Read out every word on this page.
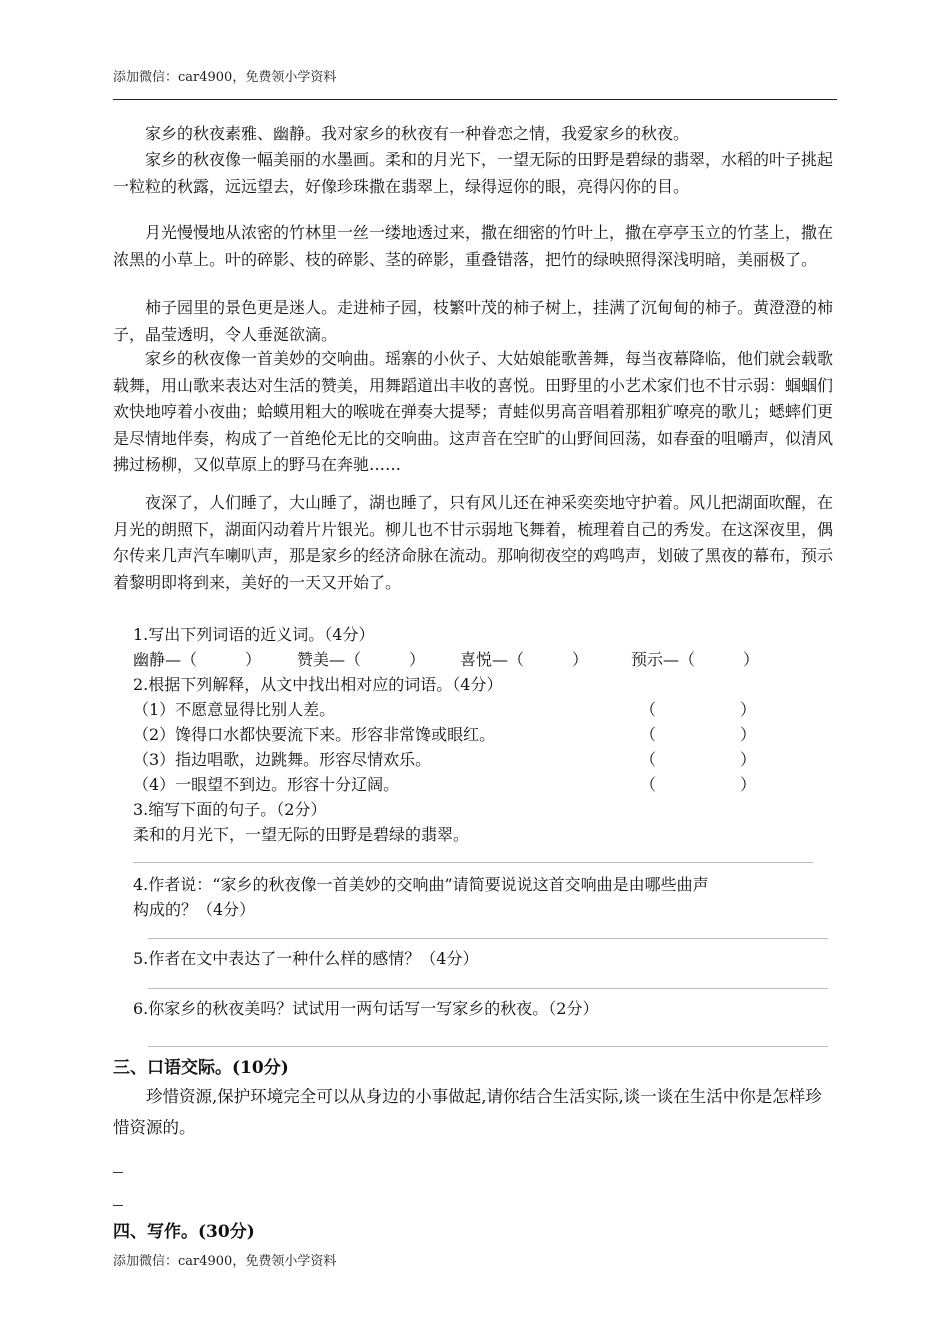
添加微信：car4900，免费领小学资料

家乡的秋夜素雅、幽静。我对家乡的秋夜有一种眷恋之情，我爱家乡的秋夜。

家乡的秋夜像一幅美丽的水墨画。柔和的月光下，一望无际的田野是碧绿的翡翠，水稻的叶子挑起一粒粒的秋露，远远望去，好像珍珠撒在翡翠上，绿得逗你的眼，亮得闪你的目。

月光慢慢地从浓密的竹林里一丝一缕地透过来，撒在细密的竹叶上，撒在亭亭玉立的竹茎上，撒在浓黑的小草上。叶的碎影、枝的碎影、茎的碎影，重叠错落，把竹的绿映照得深浅明暗，美丽极了。

柿子园里的景色更是迷人。走进柿子园，枝繁叶茂的柿子树上，挂满了沉甸甸的柿子。黄澄澄的柿子，晶莹透明，令人垂涎欲滴。

家乡的秋夜像一首美妙的交响曲。瑶寨的小伙子、大姑娘能歌善舞，每当夜幕降临，他们就会载歌载舞，用山歌来表达对生活的赞美，用舞蹈道出丰收的喜悦。田野里的小艺术家们也不甘示弱：蝈蝈们欢快地哼着小夜曲；蛤蟆用粗大的喉咙在弹奏大提琴；青蛙似男高音唱着那粗犷嘹亮的歌儿；蟋蟀们更是尽情地伴奏，构成了一首绝伦无比的交响曲。这声音在空旷的山野间回荡，如春蚕的咀嚼声，似清风拂过杨柳，又似草原上的野马在奔驰……

夜深了，人们睡了，大山睡了，湖也睡了，只有风儿还在神采奕奕地守护着。风儿把湖面吹醒，在月光的朗照下，湖面闪动着片片银光。柳儿也不甘示弱地飞舞着，梳理着自己的秀发。在这深夜里，偶尔传来几声汽车喇叭声，那是家乡的经济命脉在流动。那响彻夜空的鸡鸣声，划破了黑夜的幕布，预示着黎明即将到来，美好的一天又开始了。

1.写出下列词语的近义词。（4分）
幽静—（	） 赞美—（	） 喜悦—（	）	预示—（	）
2.根据下列解释，从文中找出相对应的词语。（4分）
（1）不愿意显得比别人差。	（	）
（2）馋得口水都快要流下来。形容非常馋或眼红。	（	）
（3）指边唱歌，边跳舞。形容尽情欢乐。	（	）
（4）一眼望不到边。形容十分辽阔。	（	）
3.缩写下面的句子。（2分）
柔和的月光下，一望无际的田野是碧绿的翡翠。
4.作者说：“家乡的秋夜像一首美妙的交响曲”请简要说说这首交响曲是由哪些曲声
构成的？（4分）
5.作者在文中表达了一种什么样的感情？（4分）
6.你家乡的秋夜美吗？试试用一两句话写一写家乡的秋夜。（2分）
三、口语交际。(10分)

珍惜资源,保护环境完全可以从身边的小事做起,请你结合生活实际,谈一谈在生活中你是怎样珍惜资源的。

四、写作。(30分)
添加微信：car4900，免费领小学资料
